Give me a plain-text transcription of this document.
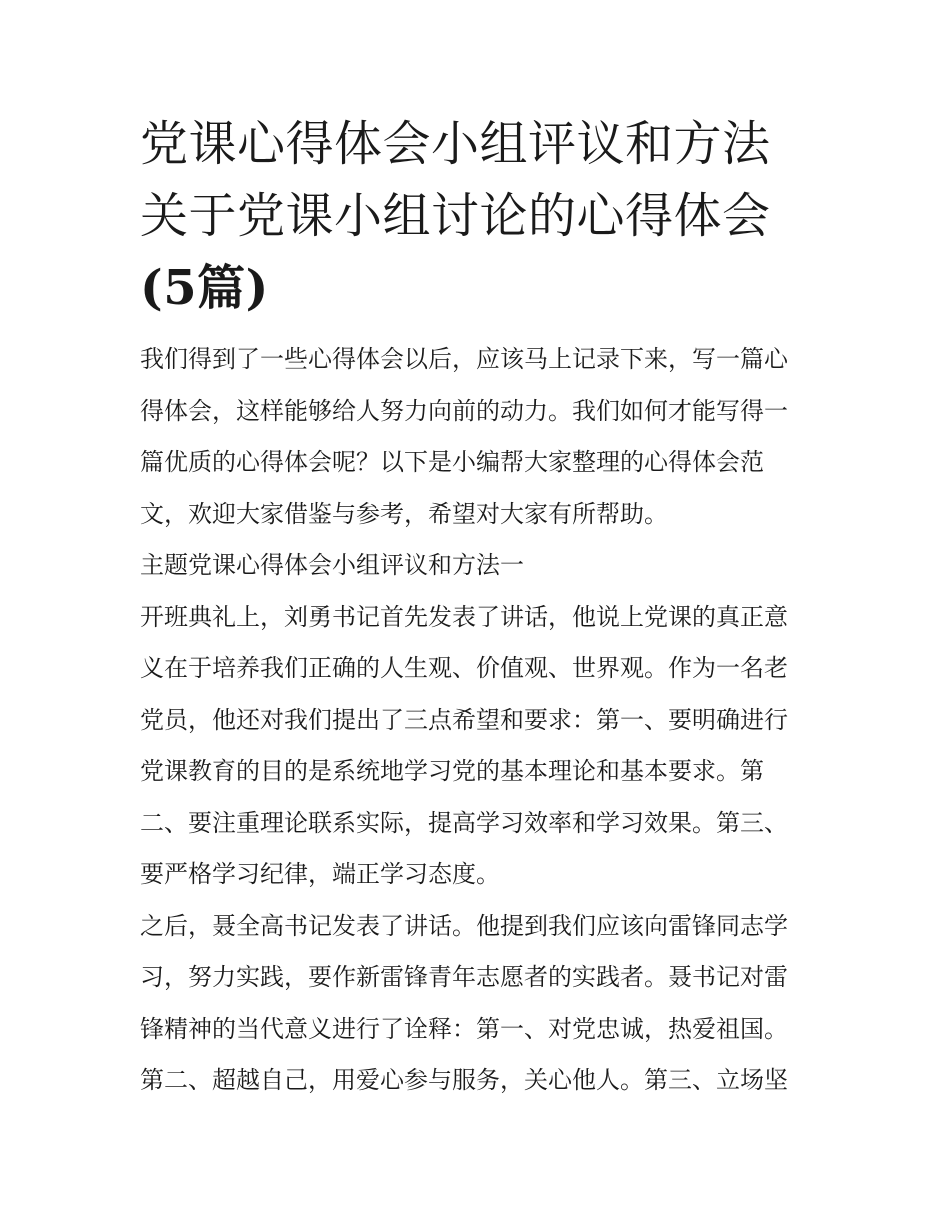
党课心得体会小组评议和方法
关于党课小组讨论的心得体会
(5篇)

我们得到了一些心得体会以后，应该马上记录下来，写一篇心
得体会，这样能够给人努力向前的动力。我们如何才能写得一
篇优质的心得体会呢？以下是小编帮大家整理的心得体会范
文，欢迎大家借鉴与参考，希望对大家有所帮助。

主题党课心得体会小组评议和方法一

开班典礼上，刘勇书记首先发表了讲话，他说上党课的真正意
义在于培养我们正确的人生观、价值观、世界观。作为一名老
党员，他还对我们提出了三点希望和要求：第一、要明确进行
党课教育的目的是系统地学习党的基本理论和基本要求。第
二、要注重理论联系实际，提高学习效率和学习效果。第三、
要严格学习纪律，端正学习态度。

之后，聂全高书记发表了讲话。他提到我们应该向雷锋同志学
习，努力实践，要作新雷锋青年志愿者的实践者。聂书记对雷
锋精神的当代意义进行了诠释：第一、对党忠诚，热爱祖国。
第二、超越自己，用爱心参与服务，关心他人。第三、立场坚
